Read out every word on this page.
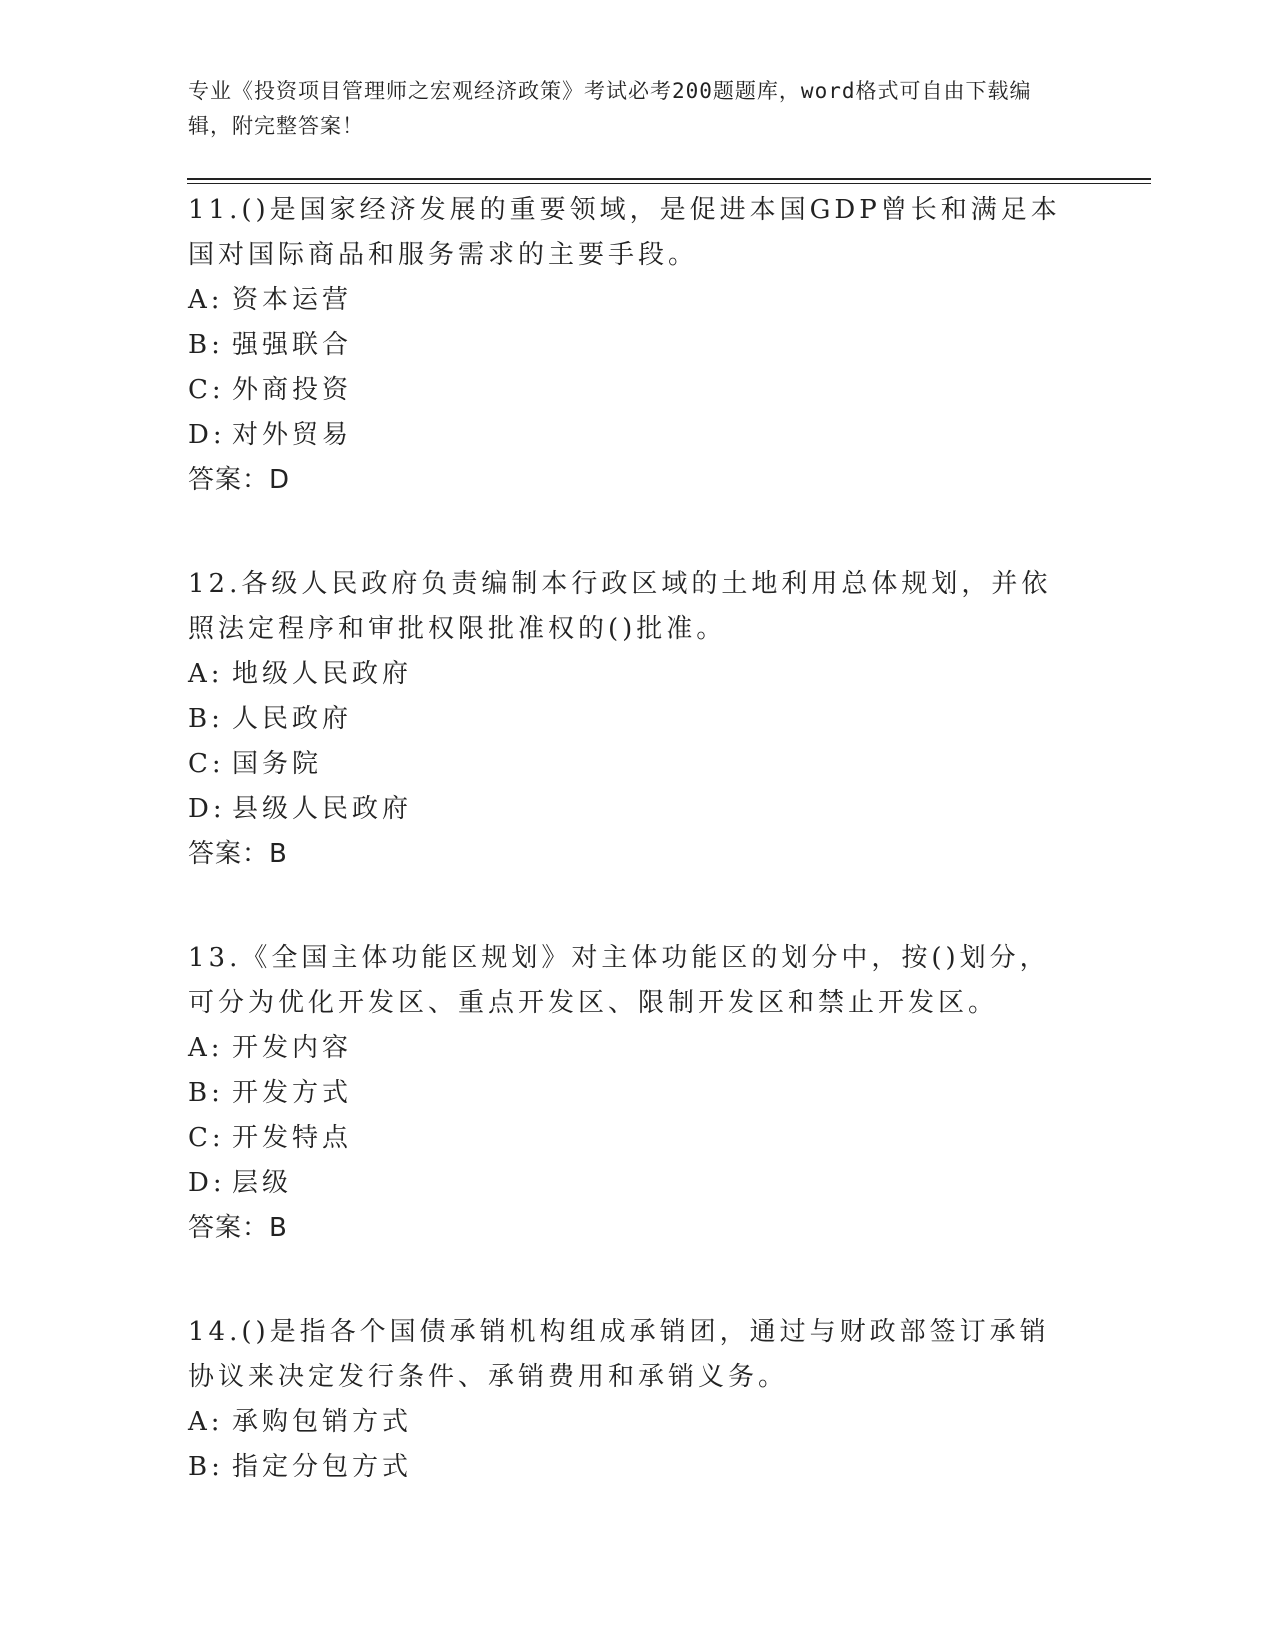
专业《投资项目管理师之宏观经济政策》考试必考200题题库，word格式可自由下载编辑，附完整答案！
11.()是国家经济发展的重要领域，是促进本国GDP曾长和满足本国对国际商品和服务需求的主要手段。
A: 资本运营
B: 强强联合
C: 外商投资
D: 对外贸易
答案：D
12.各级人民政府负责编制本行政区域的土地利用总体规划，并依照法定程序和审批权限批准权的()批准。
A: 地级人民政府
B: 人民政府
C: 国务院
D: 县级人民政府
答案：B
13.《全国主体功能区规划》对主体功能区的划分中，按()划分，可分为优化开发区、重点开发区、限制开发区和禁止开发区。
A: 开发内容
B: 开发方式
C: 开发特点
D: 层级
答案：B
14.()是指各个国债承销机构组成承销团，通过与财政部签订承销协议来决定发行条件、承销费用和承销义务。
A: 承购包销方式
B: 指定分包方式
